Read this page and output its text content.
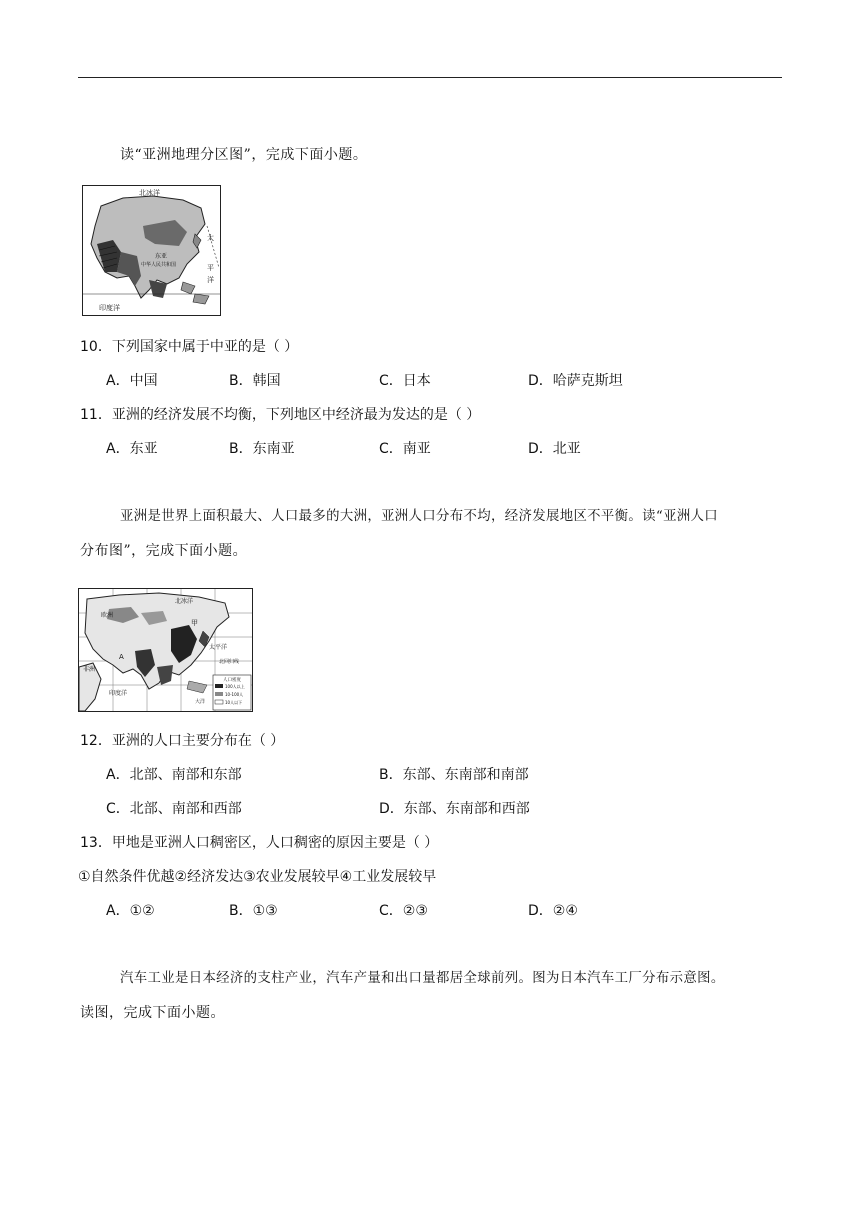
读“亚洲地理分区图”，完成下面小题。
北冰洋
太
平
洋
东亚
中华人民共和国
印度洋
10．下列国家中属于中亚的是（ ）
A．中国	B．韩国	C．日本	D．哈萨克斯坦
11．亚洲的经济发展不均衡，下列地区中经济最为发达的是（ ）
A．东亚	B．东南亚	C．南亚	D．北亚
亚洲是世界上面积最大、人口最多的大洲，亚洲人口分布不均，经济发展地区不平衡。读“亚洲人口
分布图”，完成下面小题。
北冰洋
欧洲
甲
太平洋
北回归线
非洲
A
印度洋
大洋
人口密度
100人以上
10-100人
10人以下
12．亚洲的人口主要分布在（ ）
A．北部、南部和东部	B．东部、东南部和南部
C．北部、南部和西部	D．东部、东南部和西部
13．甲地是亚洲人口稠密区，人口稠密的原因主要是（ ）
①自然条件优越②经济发达③农业发展较早④工业发展较早
A．①②	B．①③	C．②③	D．②④
汽车工业是日本经济的支柱产业，汽车产量和出口量都居全球前列。图为日本汽车工厂分布示意图。
读图，完成下面小题。
